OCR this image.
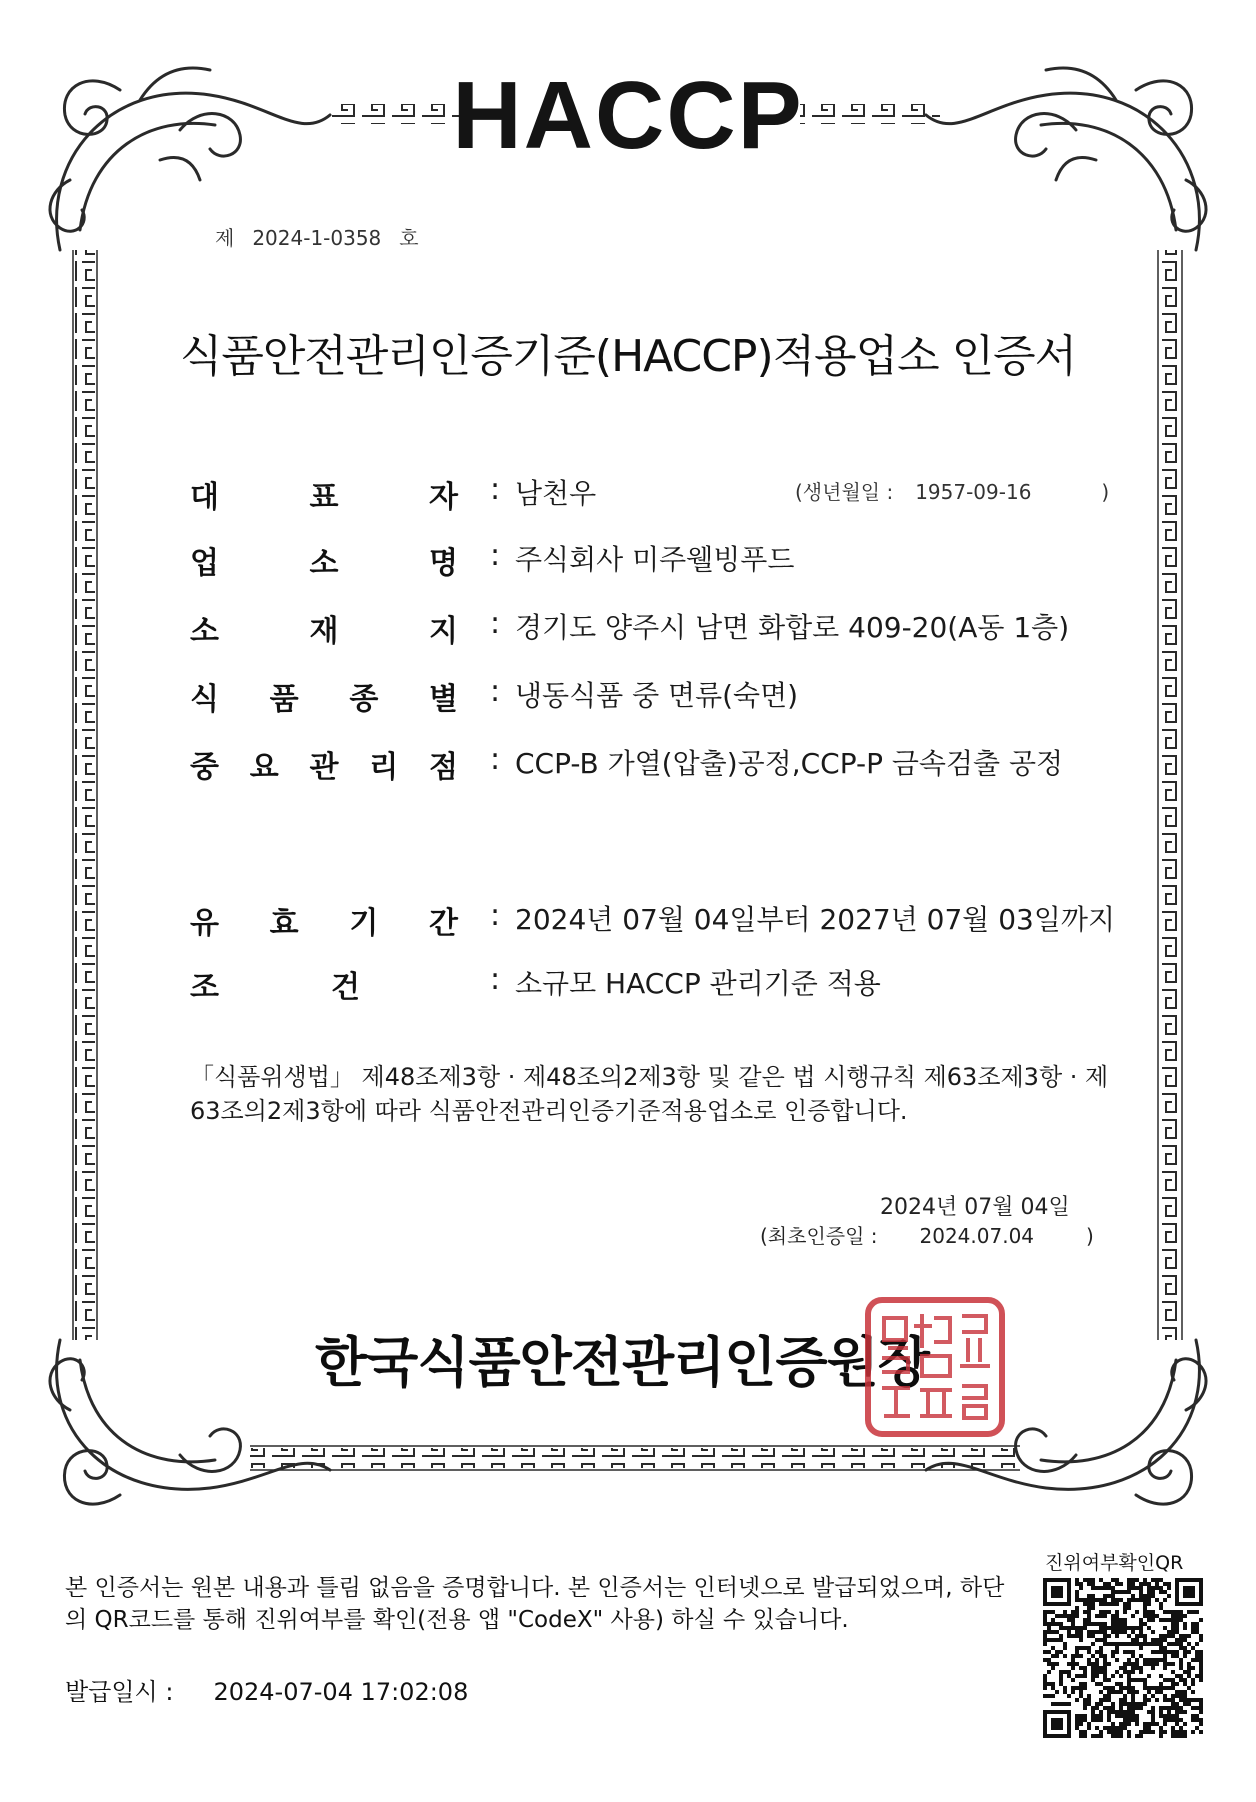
HACCP
제 2024-1-0358 호
식품안전관리인증기준(HACCP)적용업소 인증서
대	표	자 : 남천우	(생년월일 : 1957-09-16	)
업	소	명 : 주식회사 미주웰빙푸드
소	재	지 : 경기도 양주시 남면 화합로 409-20(A동 1층)
식 품 종 별 : 냉동식품 중 면류(숙면)
중 요 관 리 점 : CCP-B 가열(압출)공정,CCP-P 금속검출 공정
유 효 기 간 : 2024년 07월 04일부터 2027년 07월 03일까지
조	건	: 소규모 HACCP 관리기준 적용
「식품위생법」 제48조제3항 · 제48조의2제3항 및 같은 법 시행규칙 제63조제3항 · 제63조의2제3항에 따라 식품안전관리인증기준적용업소로 인증합니다.
2024년 07월 04일
(최초인증일 : 2024.07.04	)
한국식품안전관리인증원장
본 인증서는 원본 내용과 틀림 없음을 증명합니다. 본 인증서는 인터넷으로 발급되었으며, 하단의 QR코드를 통해 진위여부를 확인(전용 앱 "CodeX" 사용) 하실 수 있습니다.
발급일시 : 2024-07-04 17:02:08
진위여부확인QR
